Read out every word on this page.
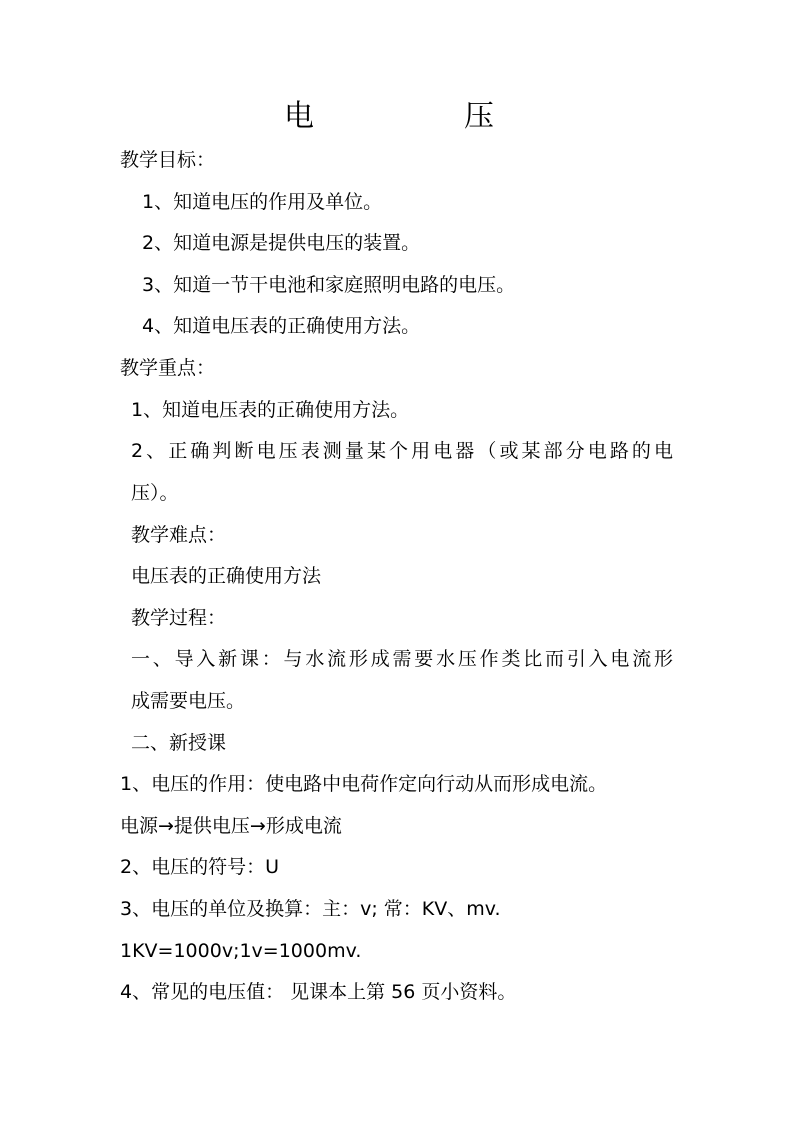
电　压
教学目标：
1、知道电压的作用及单位。
2、知道电源是提供电压的装置。
3、知道一节干电池和家庭照明电路的电压。
4、知道电压表的正确使用方法。
教学重点：
1、知道电压表的正确使用方法。
2、正确判断电压表测量某个用电器（或某部分电路的电
压）。
教学难点：
电压表的正确使用方法
教学过程：
一、导入新课：与水流形成需要水压作类比而引入电流形
成需要电压。
二、新授课
1、电压的作用：使电路中电荷作定向行动从而形成电流。
电源→提供电压→形成电流
2、电压的符号：U
3、电压的单位及换算：主：v; 常：KV、mv.
1KV=1000v;1v=1000mv.
4、常见的电压值： 见课本上第 56 页小资料。
